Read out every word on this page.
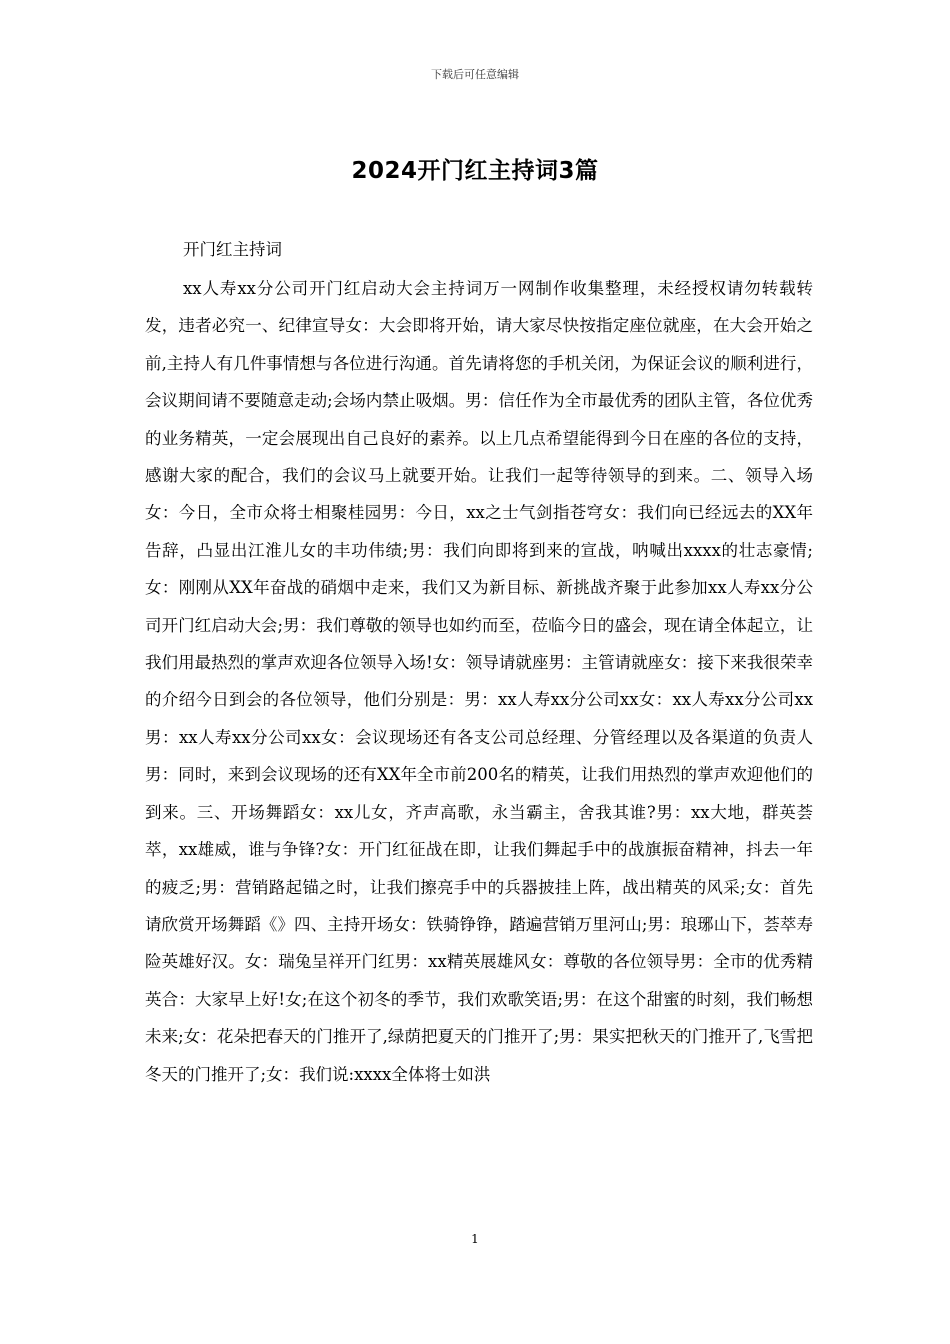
下载后可任意编辑
2024开门红主持词3篇
开门红主持词

xx人寿xx分公司开门红启动大会主持词万一网制作收集整理，未经授权请勿转载转发，违者必究一、纪律宣导女：大会即将开始，请大家尽快按指定座位就座，在大会开始之前,主持人有几件事情想与各位进行沟通。首先请将您的手机关闭，为保证会议的顺利进行，会议期间请不要随意走动;会场内禁止吸烟。男：信任作为全市最优秀的团队主管，各位优秀的业务精英，一定会展现出自己良好的素养。以上几点希望能得到今日在座的各位的支持，感谢大家的配合，我们的会议马上就要开始。让我们一起等待领导的到来。二、领导入场女：今日，全市众将士相聚桂园男：今日，xx之士气剑指苍穹女：我们向已经远去的XX年告辞，凸显出江淮儿女的丰功伟绩;男：我们向即将到来的宣战，呐喊出xxxx的壮志豪情;女：刚刚从XX年奋战的硝烟中走来，我们又为新目标、新挑战齐聚于此参加xx人寿xx分公司开门红启动大会;男：我们尊敬的领导也如约而至，莅临今日的盛会，现在请全体起立，让我们用最热烈的掌声欢迎各位领导入场!女：领导请就座男：主管请就座女：接下来我很荣幸的介绍今日到会的各位领导，他们分别是：男：xx人寿xx分公司xx女：xx人寿xx分公司xx男：xx人寿xx分公司xx女：会议现场还有各支公司总经理、分管经理以及各渠道的负责人男：同时，来到会议现场的还有XX年全市前200名的精英，让我们用热烈的掌声欢迎他们的到来。三、开场舞蹈女：xx儿女，齐声高歌，永当霸主，舍我其谁?男：xx大地，群英荟萃，xx雄威，谁与争锋?女：开门红征战在即，让我们舞起手中的战旗振奋精神，抖去一年的疲乏;男：营销路起锚之时，让我们擦亮手中的兵器披挂上阵，战出精英的风采;女：首先请欣赏开场舞蹈《》四、主持开场女：铁骑铮铮，踏遍营销万里河山;男：琅琊山下，荟萃寿险英雄好汉。女：瑞兔呈祥开门红男：xx精英展雄风女：尊敬的各位领导男：全市的优秀精英合：大家早上好!女;在这个初冬的季节，我们欢歌笑语;男：在这个甜蜜的时刻，我们畅想未来;女：花朵把春天的门推开了,绿荫把夏天的门推开了;男：果实把秋天的门推开了,飞雪把冬天的门推开了;女：我们说:xxxx全体将士如洪

1
